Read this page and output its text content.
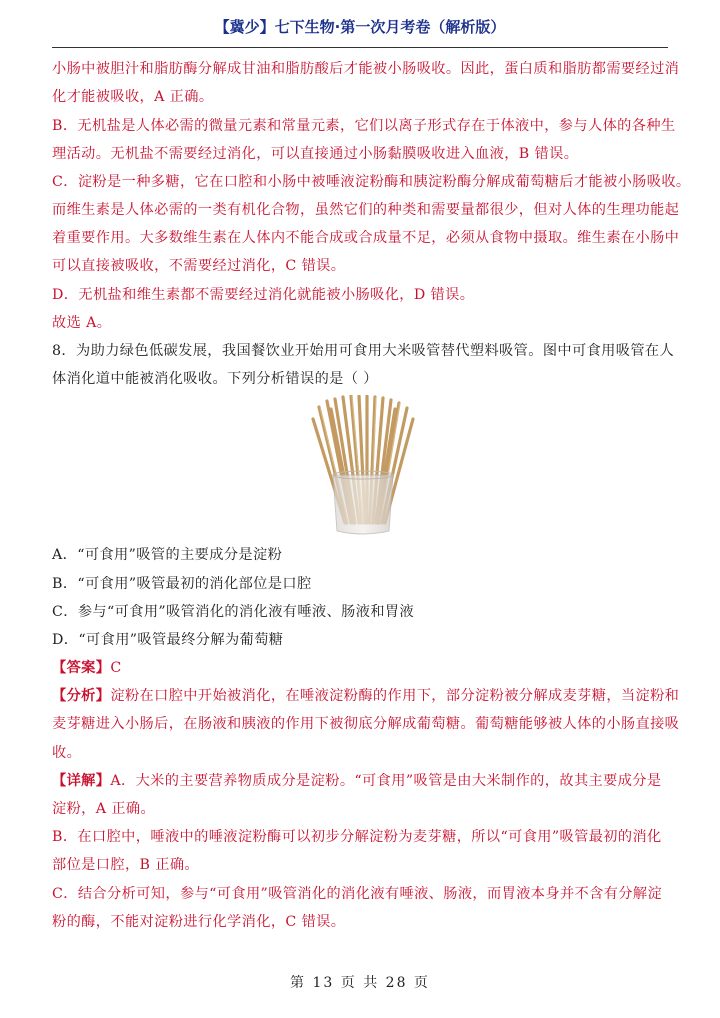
【冀少】七下生物·第一次月考卷（解析版）
小肠中被胆汁和脂肪酶分解成甘油和脂肪酸后才能被小肠吸收。因此，蛋白质和脂肪都需要经过消
化才能被吸收，A 正确。
B．无机盐是人体必需的微量元素和常量元素，它们以离子形式存在于体液中，参与人体的各种生
理活动。无机盐不需要经过消化，可以直接通过小肠黏膜吸收进入血液，B 错误。
C．淀粉是一种多糖，它在口腔和小肠中被唾液淀粉酶和胰淀粉酶分解成葡萄糖后才能被小肠吸收。
而维生素是人体必需的一类有机化合物，虽然它们的种类和需要量都很少，但对人体的生理功能起
着重要作用。大多数维生素在人体内不能合成或合成量不足，必须从食物中摄取。维生素在小肠中
可以直接被吸收，不需要经过消化，C 错误。
D．无机盐和维生素都不需要经过消化就能被小肠吸化，D 错误。
故选 A。
8．为助力绿色低碳发展，我国餐饮业开始用可食用大米吸管替代塑料吸管。图中可食用吸管在人
体消化道中能被消化吸收。下列分析错误的是（ ）
A．“可食用”吸管的主要成分是淀粉
B．“可食用”吸管最初的消化部位是口腔
C．参与“可食用”吸管消化的消化液有唾液、肠液和胃液
D．“可食用”吸管最终分解为葡萄糖
【答案】C
【分析】淀粉在口腔中开始被消化，在唾液淀粉酶的作用下，部分淀粉被分解成麦芽糖，当淀粉和
麦芽糖进入小肠后，在肠液和胰液的作用下被彻底分解成葡萄糖。葡萄糖能够被人体的小肠直接吸
收。
【详解】A．大米的主要营养物质成分是淀粉。“可食用”吸管是由大米制作的，故其主要成分是
淀粉，A 正确。
B．在口腔中，唾液中的唾液淀粉酶可以初步分解淀粉为麦芽糖，所以“可食用”吸管最初的消化
部位是口腔，B 正确。
C．结合分析可知，参与“可食用”吸管消化的消化液有唾液、肠液，而胃液本身并不含有分解淀
粉的酶，不能对淀粉进行化学消化，C 错误。
第 13 页 共 28 页
